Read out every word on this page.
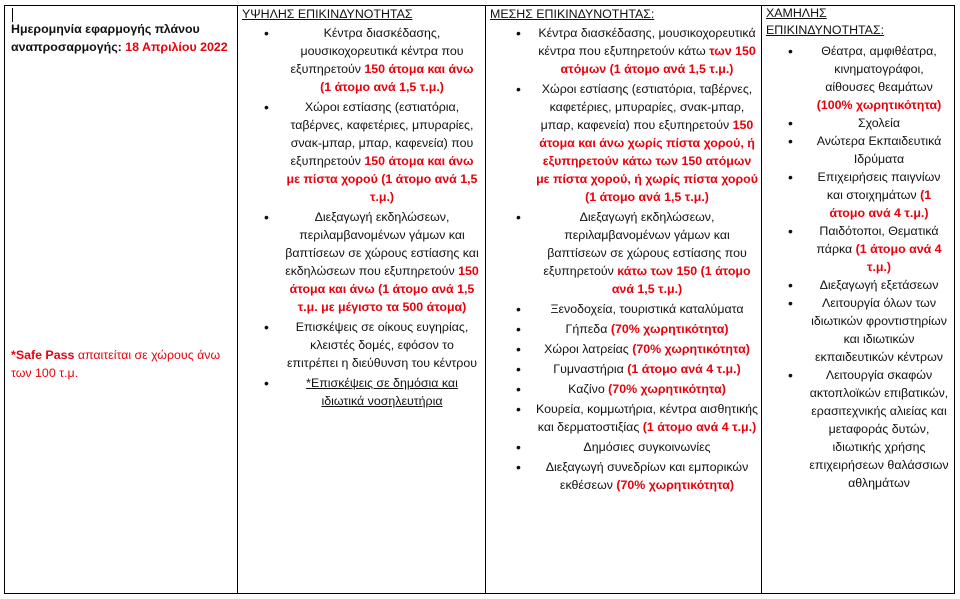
Ημερομηνία εφαρμογής πλάνου αναπροσαρμογής: 18 Απριλίου 2022
*Safe Pass απαιτείται σε χώρους άνω των 100 τ.μ.
ΥΨΗΛΗΣ ΕΠΙΚΙΝΔΥΝΟΤΗΤΑΣ
• Κέντρα διασκέδασης, μουσικοχορευτικά κέντρα που εξυπηρετούν 150 άτομα και άνω (1 άτομο ανά 1,5 τ.μ.)
• Χώροι εστίασης (εστιατόρια, ταβέρνες, καφετέριες, μπυραρίες, σνακ-μπαρ, μπαρ, καφενεία) που εξυπηρετούν 150 άτομα και άνω με πίστα χορού (1 άτομο ανά 1,5 τ.μ.)
• Διεξαγωγή εκδηλώσεων, περιλαμβανομένων γάμων και βαπτίσεων σε χώρους εστίασης και εκδηλώσεων που εξυπηρετούν 150 άτομα και άνω (1 άτομο ανά 1,5 τ.μ. με μέγιστο τα 500 άτομα)
• Επισκέψεις σε οίκους ευγηρίας, κλειστές δομές, εφόσον το επιτρέπει η διεύθυνση του κέντρου
• *Επισκέψεις σε δημόσια και ιδιωτικά νοσηλευτήρια
ΜΕΣΗΣ ΕΠΙΚΙΝΔΥΝΟΤΗΤΑΣ:
• Κέντρα διασκέδασης, μουσικοχορευτικά κέντρα που εξυπηρετούν κάτω των 150 ατόμων (1 άτομο ανά 1,5 τ.μ.)
• Χώροι εστίασης (εστιατόρια, ταβέρνες, καφετέριες, μπυραρίες, σνακ-μπαρ, μπαρ, καφενεία) που εξυπηρετούν 150 άτομα και άνω χωρίς πίστα χορού, ή εξυπηρετούν κάτω των 150 ατόμων με πίστα χορού, ή χωρίς πίστα χορού (1 άτομο ανά 1,5 τ.μ.)
• Διεξαγωγή εκδηλώσεων, περιλαμβανομένων γάμων και βαπτίσεων σε χώρους εστίασης που εξυπηρετούν κάτω των 150 (1 άτομο ανά 1,5 τ.μ.)
• Ξενοδοχεία, τουριστικά καταλύματα
• Γήπεδα (70% χωρητικότητα)
• Χώροι λατρείας (70% χωρητικότητα)
• Γυμναστήρια (1 άτομο ανά 4 τ.μ.)
• Καζίνο (70% χωρητικότητα)
• Κουρεία, κομμωτήρια, κέντρα αισθητικής και δερματοστιξίας (1 άτομο ανά 4 τ.μ.)
• Δημόσιες συγκοινωνίες
• Διεξαγωγή συνεδρίων και εμπορικών εκθέσεων (70% χωρητικότητα)
ΧΑΜΗΛΗΣ ΕΠΙΚΙΝΔΥΝΟΤΗΤΑΣ:
• Θέατρα, αμφιθέατρα, κινηματογράφοι, αίθουσες θεαμάτων (100% χωρητικότητα)
• Σχολεία
• Ανώτερα Εκπαιδευτικά Ιδρύματα
• Επιχειρήσεις παιγνίων και στοιχημάτων (1 άτομο ανά 4 τ.μ.)
• Παιδότοποι, Θεματικά πάρκα (1 άτομο ανά 4 τ.μ.)
• Διεξαγωγή εξετάσεων
• Λειτουργία όλων των ιδιωτικών φροντιστηρίων και ιδιωτικών εκπαιδευτικών κέντρων
• Λειτουργία σκαφών ακτοπλοϊκών επιβατικών, ερασιτεχνικής αλιείας και μεταφοράς δυτών, ιδιωτικής χρήσης επιχειρήσεων θαλάσσιων αθλημάτων
